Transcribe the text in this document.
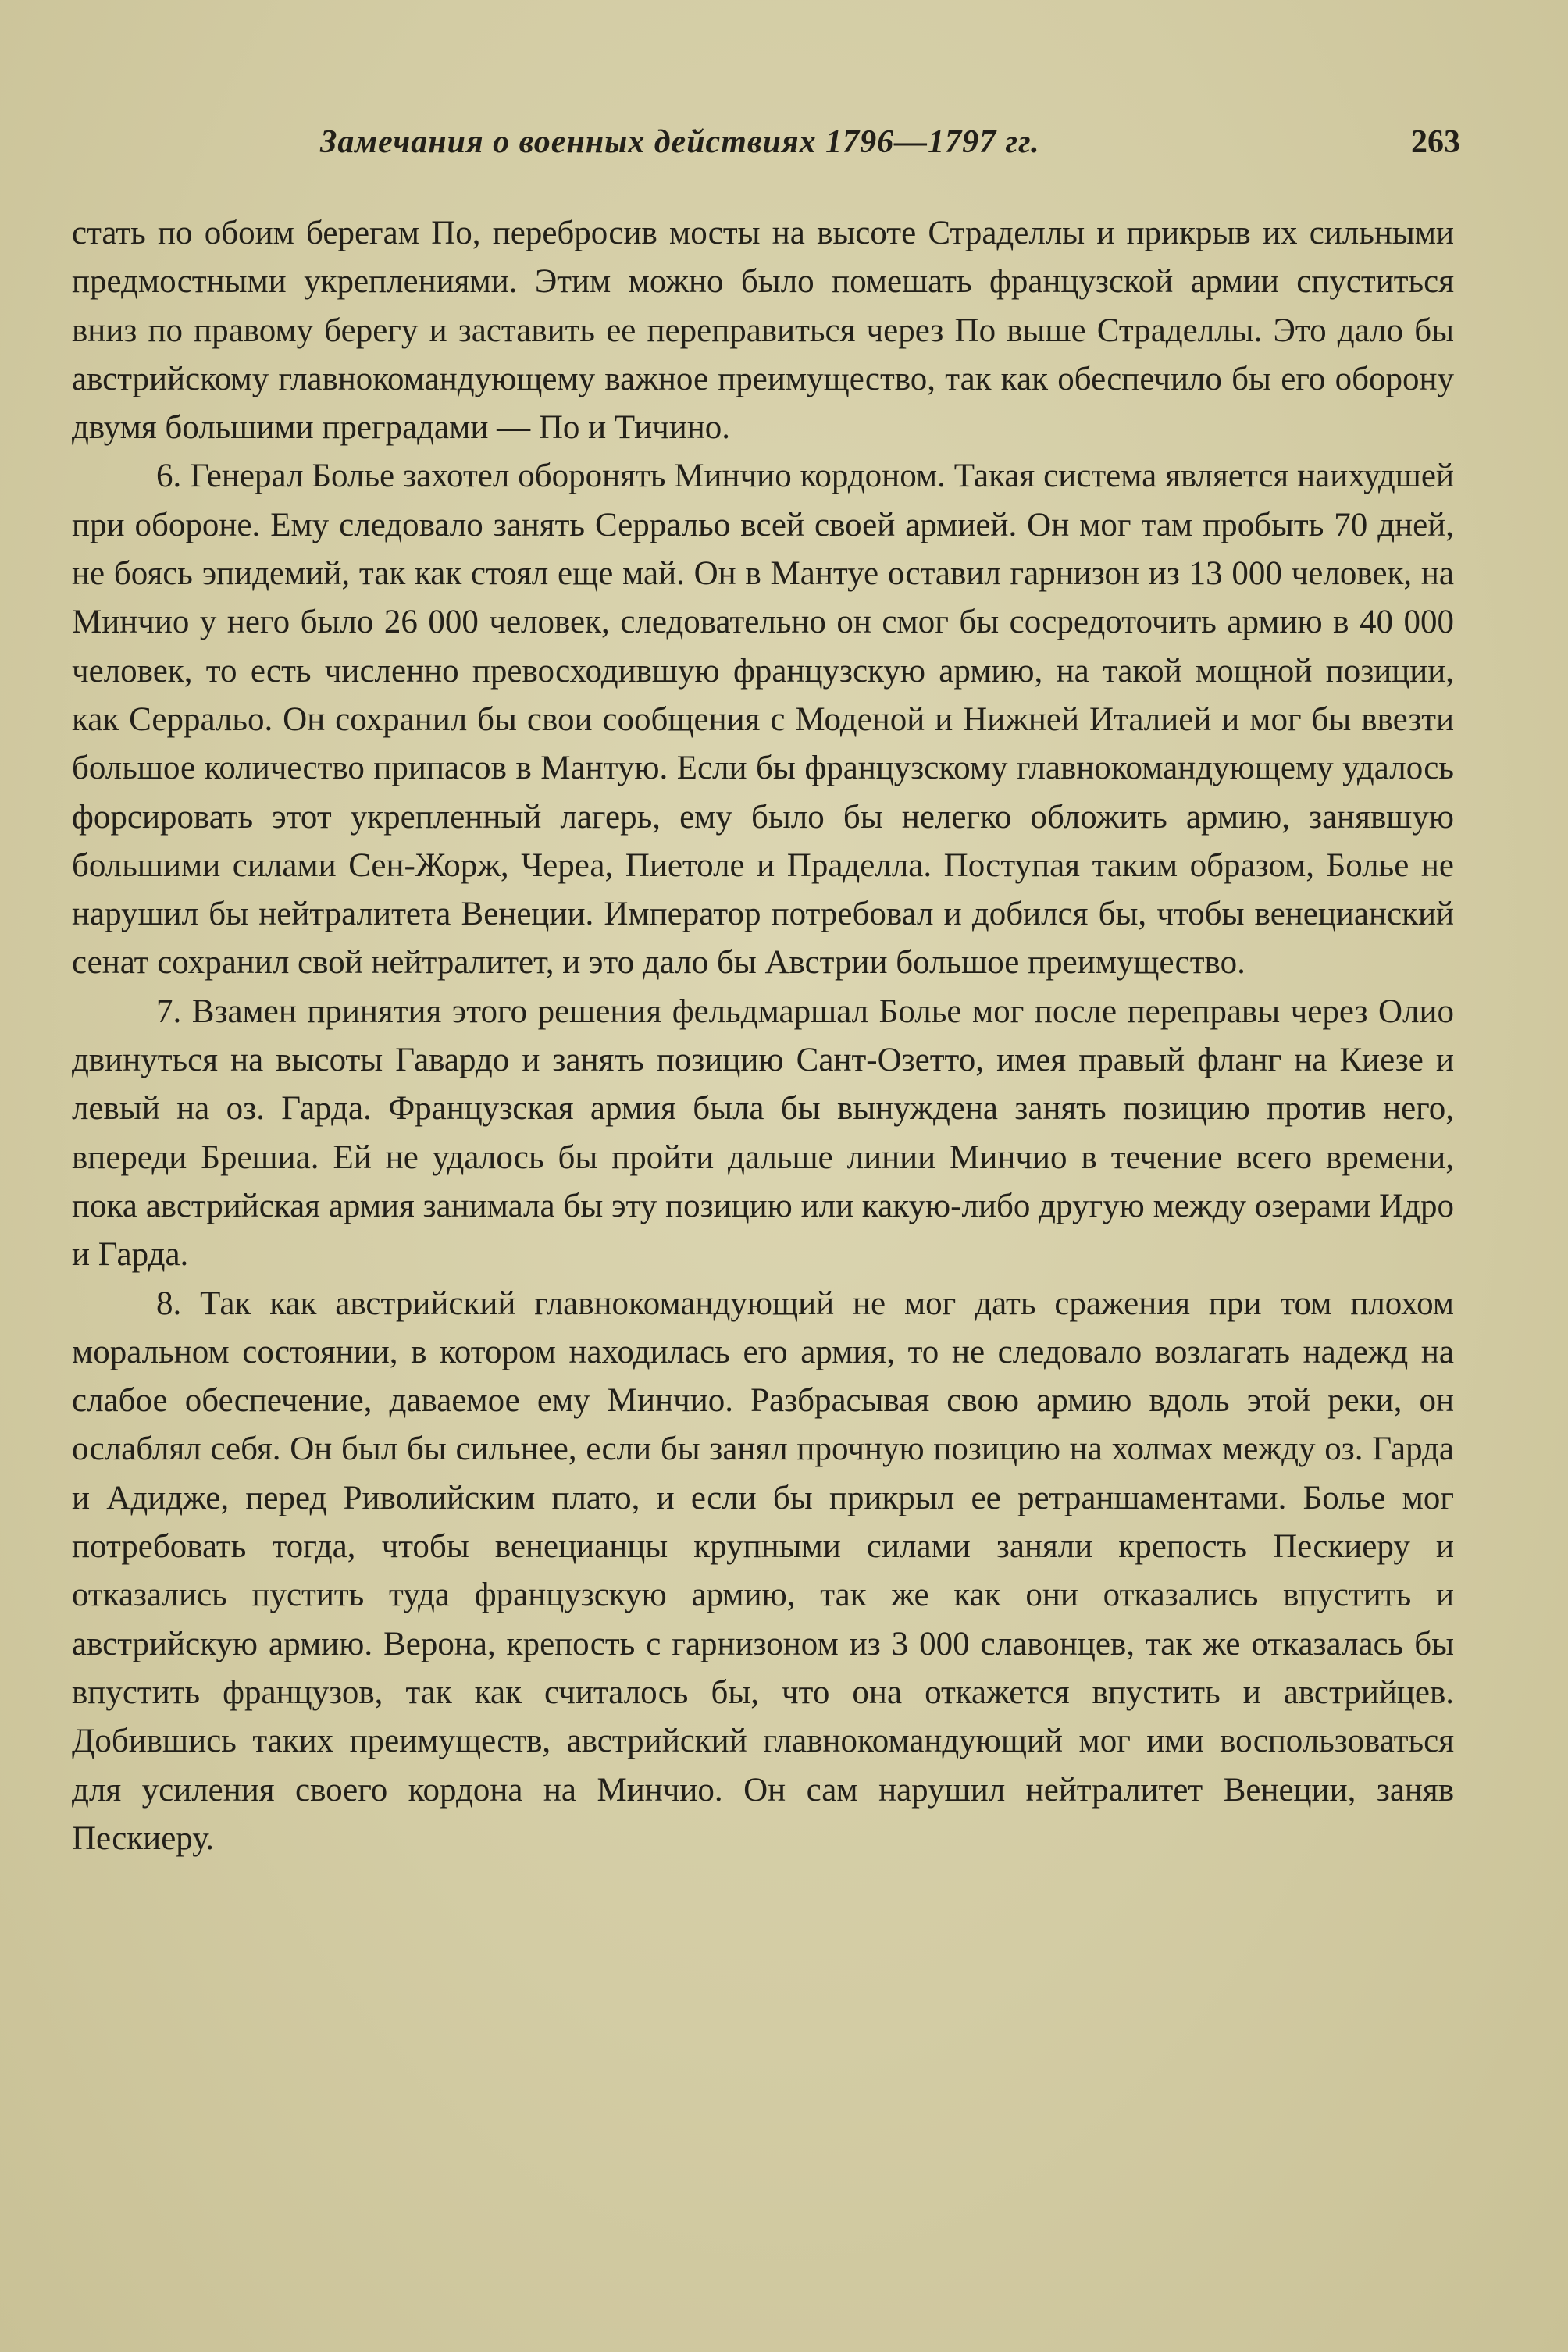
Замечания о военных действиях 1796—1797 гг.	263

стать по обоим берегам По, перебросив мосты на высоте Страделлы и прикрыв их сильными предмостными укреплениями. Этим можно было помешать французской армии спуститься вниз по правому берегу и заставить ее переправиться через По выше Страделлы. Это дало бы австрийскому главнокомандующему важное преимущество, так как обеспечило бы его оборону двумя большими преградами — По и Тичино.

6. Генерал Болье захотел оборонять Минчио кордоном. Такая система является наихудшей при обороне. Ему следовало занять Серральо всей своей армией. Он мог там пробыть 70 дней, не боясь эпидемий, так как стоял еще май. Он в Мантуе оставил гарнизон из 13 000 человек, на Минчио у него было 26 000 человек, следовательно он смог бы сосредоточить армию в 40 000 человек, то есть численно превосходившую французскую армию, на такой мощной позиции, как Серральо. Он сохранил бы свои сообщения с Моденой и Нижней Италией и мог бы ввезти большое количество припасов в Мантую. Если бы французскому главнокомандующему удалось форсировать этот укрепленный лагерь, ему было бы нелегко обложить армию, занявшую большими силами Сен-Жорж, Череа, Пиетоле и Праделла. Поступая таким образом, Болье не нарушил бы нейтралитета Венеции. Император потребовал и добился бы, чтобы венецианский сенат сохранил свой нейтралитет, и это дало бы Австрии большое преимущество.

7. Взамен принятия этого решения фельдмаршал Болье мог после переправы через Олио двинуться на высоты Гавардо и занять позицию Сант-Озетто, имея правый фланг на Киезе и левый на оз. Гарда. Французская армия была бы вынуждена занять позицию против него, впереди Брешиа. Ей не удалось бы пройти дальше линии Минчио в течение всего времени, пока австрийская армия занимала бы эту позицию или какую-либо другую между озерами Идро и Гарда.

8. Так как австрийский главнокомандующий не мог дать сражения при том плохом моральном состоянии, в котором находилась его армия, то не следовало возлагать надежд на слабое обеспечение, даваемое ему Минчио. Разбрасывая свою армию вдоль этой реки, он ослаблял себя. Он был бы сильнее, если бы занял прочную позицию на холмах между оз. Гарда и Адидже, перед Риволийским плато, и если бы прикрыл ее ретраншаментами. Болье мог потребовать тогда, чтобы венецианцы крупными силами заняли крепость Пескиеру и отказались пустить туда французскую армию, так же как они отказались впустить и австрийскую армию. Верона, крепость с гарнизоном из 3 000 славонцев, так же отказалась бы впустить французов, так как считалось бы, что она откажется впустить и австрийцев. Добившись таких преимуществ, австрийский главнокомандующий мог ими воспользоваться для усиления своего кордона на Минчио. Он сам нарушил нейтралитет Венеции, заняв Пескиеру.
